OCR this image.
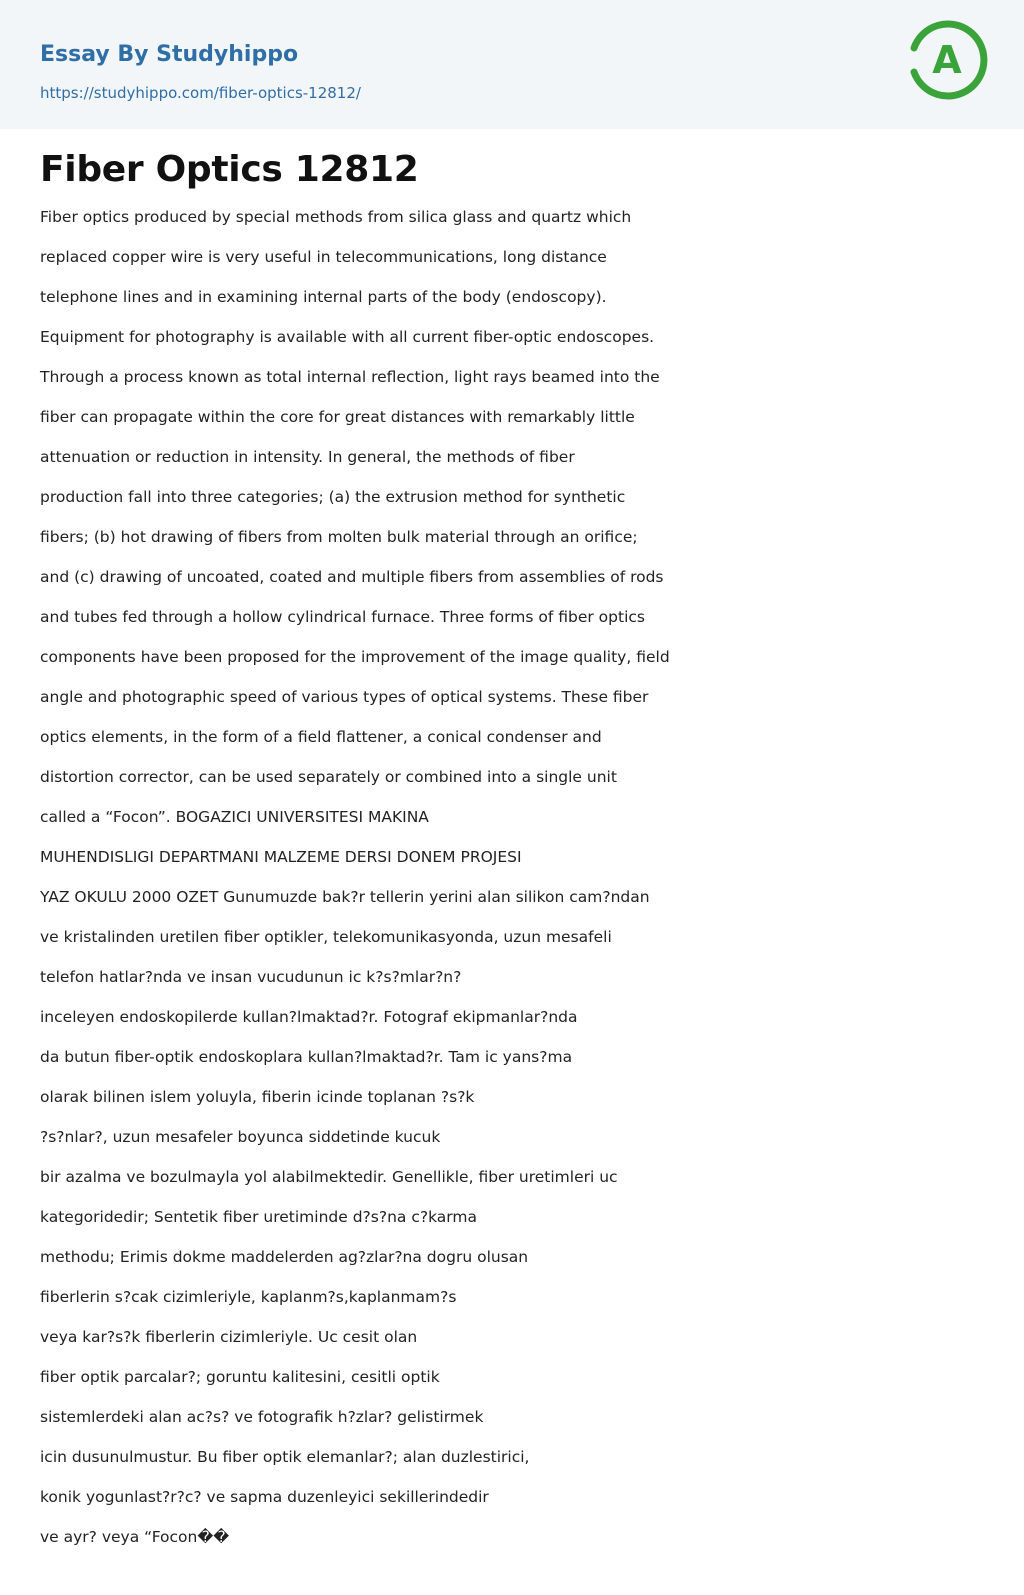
Essay By Studyhippo
https://studyhippo.com/fiber-optics-12812/
A
Fiber Optics 12812
Fiber optics produced by special methods from silica glass and quartz which
replaced copper wire is very useful in telecommunications, long distance
telephone lines and in examining internal parts of the body (endoscopy).
Equipment for photography is available with all current fiber-optic endoscopes.
Through a process known as total internal reflection, light rays beamed into the
fiber can propagate within the core for great distances with remarkably little
attenuation or reduction in intensity. In general, the methods of fiber
production fall into three categories; (a) the extrusion method for synthetic
fibers; (b) hot drawing of fibers from molten bulk material through an orifice;
and (c) drawing of uncoated, coated and multiple fibers from assemblies of rods
and tubes fed through a hollow cylindrical furnace. Three forms of fiber optics
components have been proposed for the improvement of the image quality, field
angle and photographic speed of various types of optical systems. These fiber
optics elements, in the form of a field flattener, a conical condenser and
distortion corrector, can be used separately or combined into a single unit
called a “Focon”. BOGAZICI UNIVERSITESI MAKINA
MUHENDISLIGI DEPARTMANI MALZEME DERSI DONEM PROJESI
YAZ OKULU 2000 OZET Gunumuzde bak?r tellerin yerini alan silikon cam?ndan
ve kristalinden uretilen fiber optikler, telekomunikasyonda, uzun mesafeli
telefon hatlar?nda ve insan vucudunun ic k?s?mlar?n?
inceleyen endoskopilerde kullan?lmaktad?r. Fotograf ekipmanlar?nda
da butun fiber-optik endoskoplara kullan?lmaktad?r. Tam ic yans?ma
olarak bilinen islem yoluyla, fiberin icinde toplanan ?s?k
?s?nlar?, uzun mesafeler boyunca siddetinde kucuk
bir azalma ve bozulmayla yol alabilmektedir. Genellikle, fiber uretimleri uc
kategoridedir; Sentetik fiber uretiminde d?s?na c?karma
methodu; Erimis dokme maddelerden ag?zlar?na dogru olusan
fiberlerin s?cak cizimleriyle, kaplanm?s,kaplanmam?s
veya kar?s?k fiberlerin cizimleriyle. Uc cesit olan
fiber optik parcalar?; goruntu kalitesini, cesitli optik
sistemlerdeki alan ac?s? ve fotografik h?zlar? gelistirmek
icin dusunulmustur. Bu fiber optik elemanlar?; alan duzlestirici,
konik yogunlast?r?c? ve sapma duzenleyici sekillerindedir
ve ayr? veya “Focon��
